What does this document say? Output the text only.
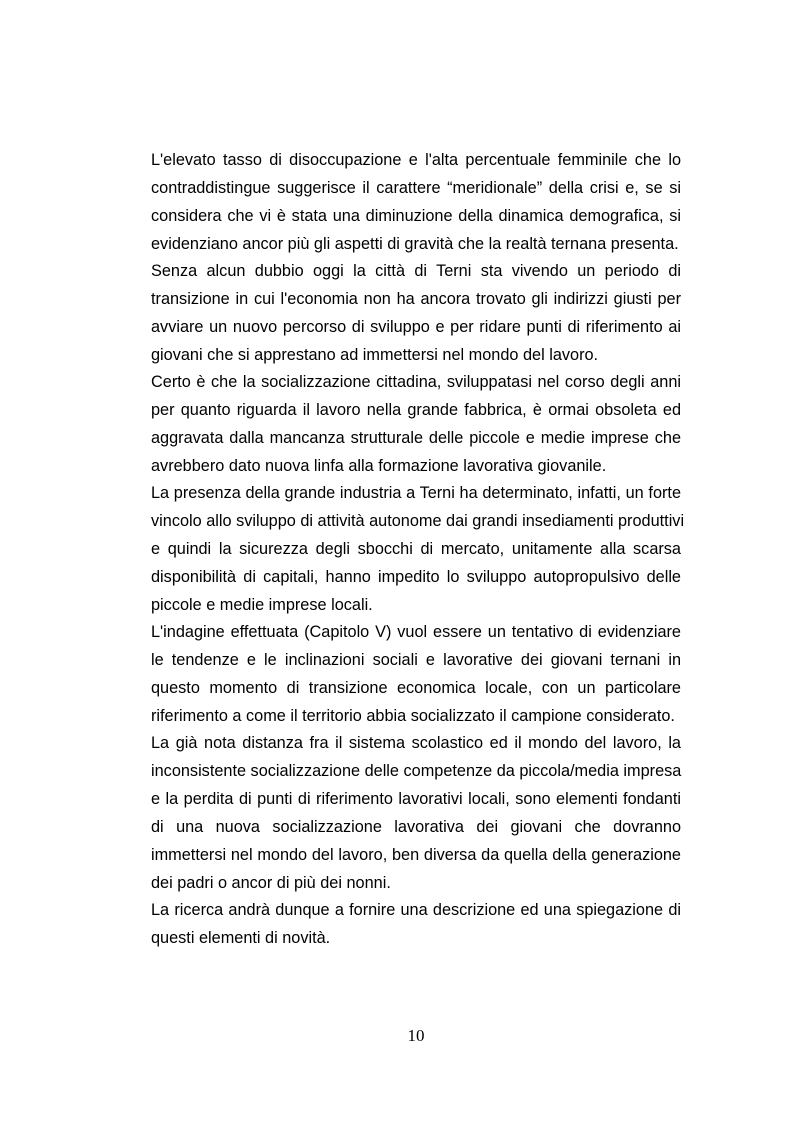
L'elevato tasso di disoccupazione e l'alta percentuale femminile che lo
contraddistingue suggerisce il carattere “meridionale” della crisi e, se si
considera che vi è stata una diminuzione della dinamica demografica, si
evidenziano ancor più gli aspetti di gravità che la realtà ternana presenta.
Senza alcun dubbio oggi la città di Terni sta vivendo un periodo di
transizione in cui l'economia non ha ancora trovato gli indirizzi giusti per
avviare un nuovo percorso di sviluppo e per ridare punti di riferimento ai
giovani che si apprestano ad immettersi nel mondo del lavoro.
Certo è che la socializzazione cittadina, sviluppatasi nel corso degli anni
per quanto riguarda il lavoro nella grande fabbrica, è ormai obsoleta ed
aggravata dalla mancanza strutturale delle piccole e medie imprese che
avrebbero dato nuova linfa alla formazione lavorativa giovanile.
La presenza della grande industria a Terni ha determinato, infatti, un forte
vincolo allo sviluppo di attività autonome dai grandi insediamenti produttivi
e quindi la sicurezza degli sbocchi di mercato, unitamente alla scarsa
disponibilità di capitali, hanno impedito lo sviluppo autopropulsivo delle
piccole e medie imprese locali.
L'indagine effettuata (Capitolo V) vuol essere un tentativo di evidenziare
le tendenze e le inclinazioni sociali e lavorative dei giovani ternani in
questo momento di transizione economica locale, con un particolare
riferimento a come il territorio abbia socializzato il campione considerato.
La già nota distanza fra il sistema scolastico ed il mondo del lavoro, la
inconsistente socializzazione delle competenze da piccola/media impresa
e la perdita di punti di riferimento lavorativi locali, sono elementi fondanti
di una nuova socializzazione lavorativa dei giovani che dovranno
immettersi nel mondo del lavoro, ben diversa da quella della generazione
dei padri o ancor di più dei nonni.
La ricerca andrà dunque a fornire una descrizione ed una spiegazione di
questi elementi di novità.
10
